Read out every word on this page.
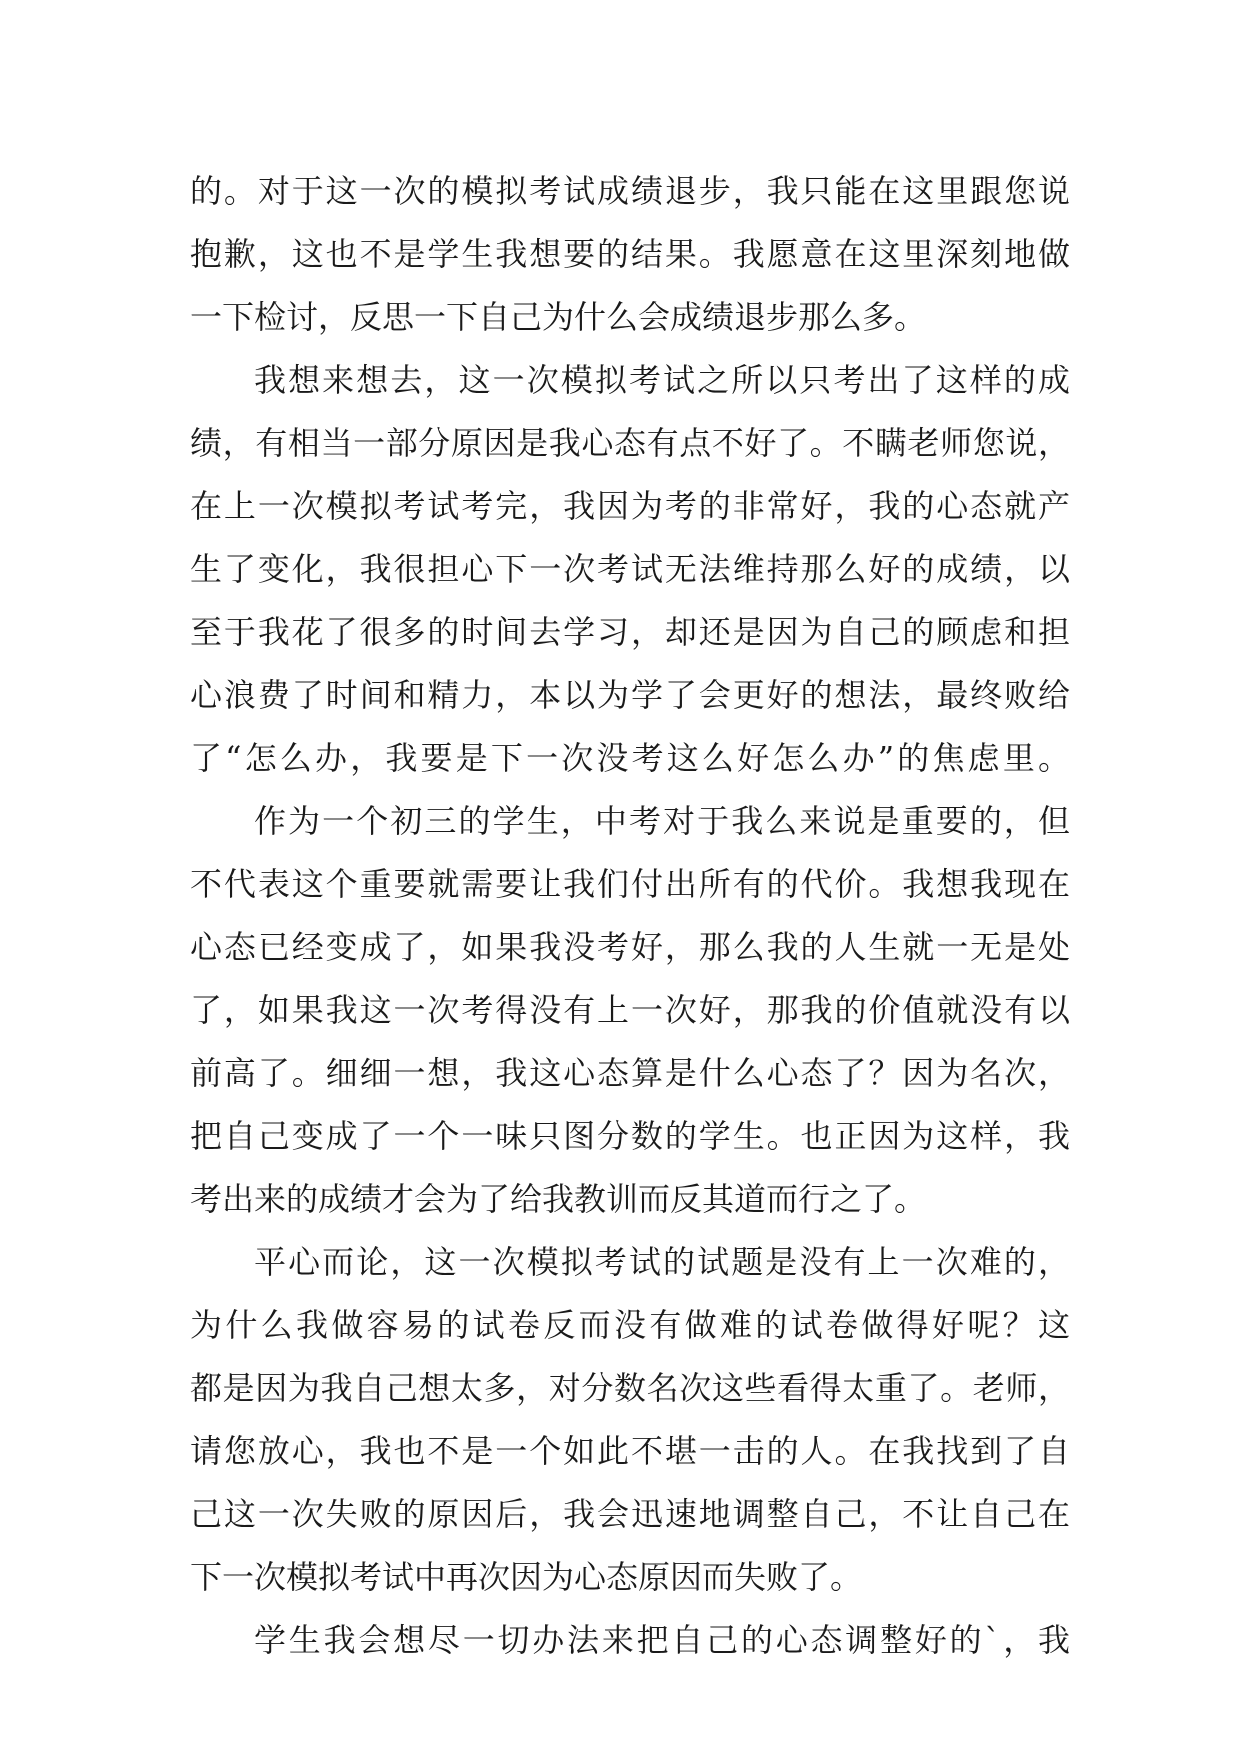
的。对于这一次的模拟考试成绩退步，我只能在这里跟您说
抱歉，这也不是学生我想要的结果。我愿意在这里深刻地做
一下检讨，反思一下自己为什么会成绩退步那么多。
我想来想去，这一次模拟考试之所以只考出了这样的成
绩，有相当一部分原因是我心态有点不好了。不瞒老师您说，
在上一次模拟考试考完，我因为考的非常好，我的心态就产
生了变化，我很担心下一次考试无法维持那么好的成绩，以
至于我花了很多的时间去学习，却还是因为自己的顾虑和担
心浪费了时间和精力，本以为学了会更好的想法，最终败给
了“怎么办，我要是下一次没考这么好怎么办”的焦虑里。
作为一个初三的学生，中考对于我么来说是重要的，但
不代表这个重要就需要让我们付出所有的代价。我想我现在
心态已经变成了，如果我没考好，那么我的人生就一无是处
了，如果我这一次考得没有上一次好，那我的价值就没有以
前高了。细细一想，我这心态算是什么心态了？因为名次，
把自己变成了一个一味只图分数的学生。也正因为这样，我
考出来的成绩才会为了给我教训而反其道而行之了。
平心而论，这一次模拟考试的试题是没有上一次难的，
为什么我做容易的试卷反而没有做难的试卷做得好呢？这
都是因为我自己想太多，对分数名次这些看得太重了。老师，
请您放心，我也不是一个如此不堪一击的人。在我找到了自
己这一次失败的原因后，我会迅速地调整自己，不让自己在
下一次模拟考试中再次因为心态原因而失败了。
学生我会想尽一切办法来把自己的心态调整好的`，我
